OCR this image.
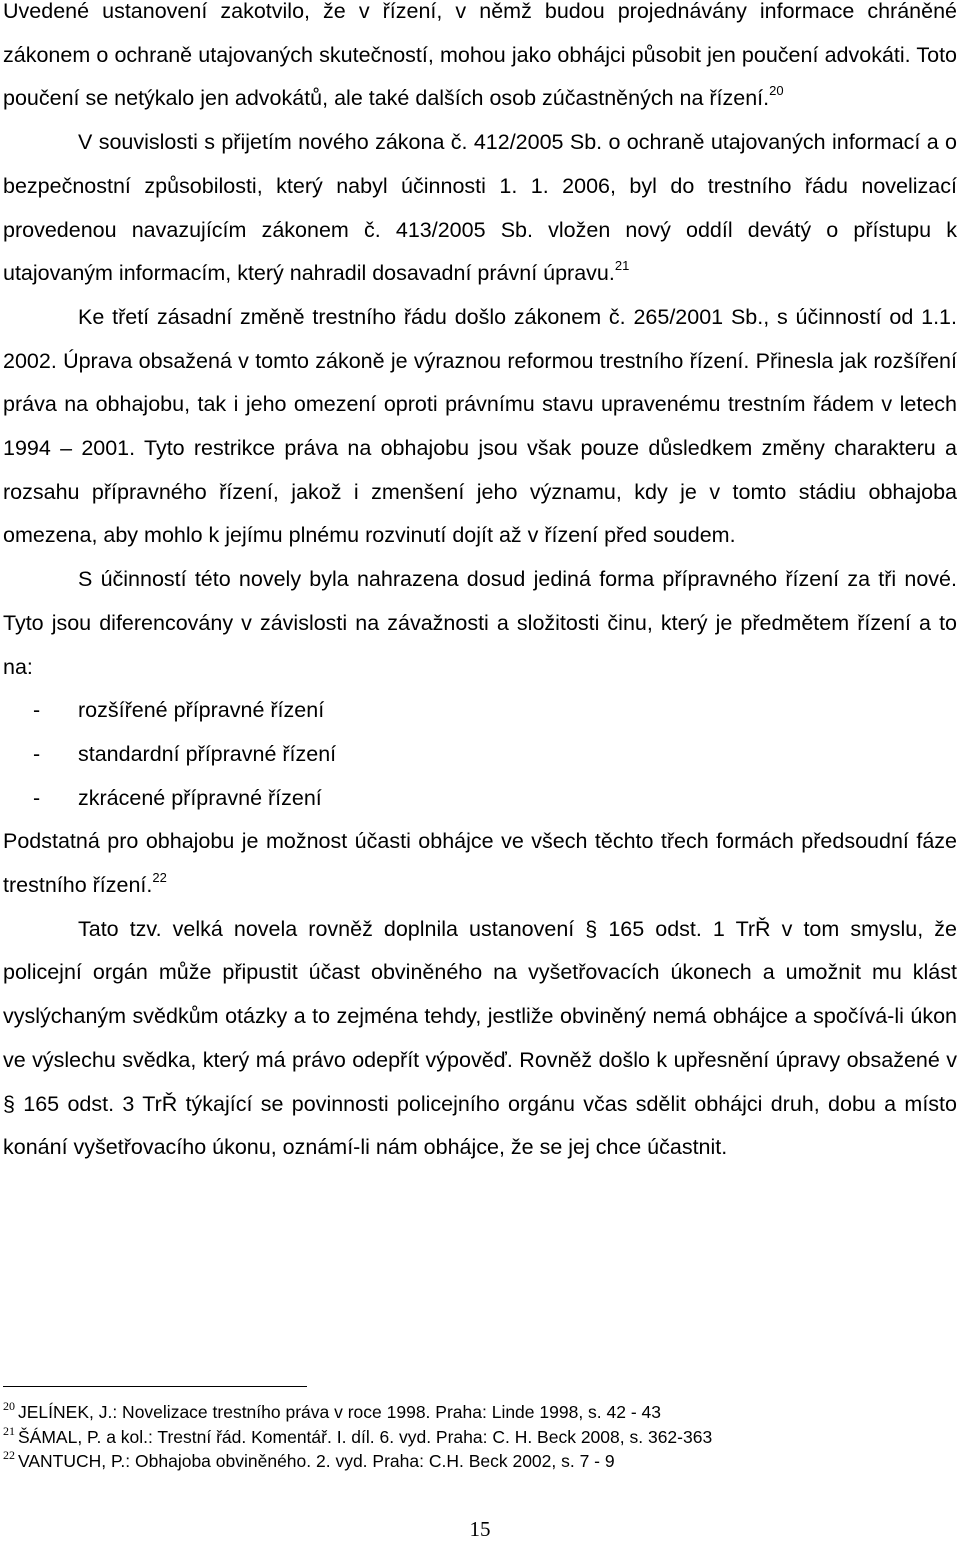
Uvedené ustanovení zakotvilo, že v řízení, v němž budou projednávány informace chráněné zákonem o ochraně utajovaných skutečností, mohou jako obhájci působit jen poučení advokáti. Toto poučení se netýkalo jen advokátů, ale také dalších osob zúčastněných na řízení.$^{20}$

V souvislosti s přijetím nového zákona č. 412/2005 Sb. o ochraně utajovaných informací a o bezpečnostní způsobilosti, který nabyl účinnosti 1. 1. 2006, byl do trestního řádu novelizací provedenou navazujícím zákonem č. 413/2005 Sb. vložen nový oddíl devátý o přístupu k utajovaným informacím, který nahradil dosavadní právní úpravu.$^{21}$

Ke třetí zásadní změně trestního řádu došlo zákonem č. 265/2001 Sb., s účinností od 1.1. 2002. Úprava obsažená v tomto zákoně je výraznou reformou trestního řízení. Přinesla jak rozšíření práva na obhajobu, tak i jeho omezení oproti právnímu stavu upravenému trestním řádem v letech 1994 – 2001. Tyto restrikce práva na obhajobu jsou však pouze důsledkem změny charakteru a rozsahu přípravného řízení, jakož i zmenšení jeho významu, kdy je v tomto stádiu obhajoba omezena, aby mohlo k jejímu plnému rozvinutí dojít až v řízení před soudem.

S účinností této novely byla nahrazena dosud jediná forma přípravného řízení za tři nové. Tyto jsou diferencovány v závislosti na závažnosti a složitosti činu, který je předmětem řízení a to na:

- rozšířené přípravné řízení
- standardní přípravné řízení
- zkrácené přípravné řízení

Podstatná pro obhajobu je možnost účasti obhájce ve všech těchto třech formách předsoudní fáze trestního řízení.$^{22}$

Tato tzv. velká novela rovněž doplnila ustanovení § 165 odst. 1 TrŘ v tom smyslu, že policejní orgán může připustit účast obviněného na vyšetřovacích úkonech a umožnit mu klást vyslýchaným svědkům otázky a to zejména tehdy, jestliže obviněný nemá obhájce a spočívá-li úkon ve výslechu svědka, který má právo odepřít výpověď. Rovněž došlo k upřesnění úpravy obsažené v § 165 odst. 3 TrŘ týkající se povinnosti policejního orgánu včas sdělit obhájci druh, dobu a místo konání vyšetřovacího úkonu, oznámí-li nám obhájce, že se jej chce účastnit.

$^{20}$ JELÍNEK, J.: Novelizace trestního práva v roce 1998. Praha: Linde 1998, s. 42 - 43

$^{21}$ ŠÁMAL, P. a kol.: Trestní řád. Komentář. I. díl. 6. vyd. Praha: C. H. Beck 2008, s. 362-363

$^{22}$ VANTUCH, P.: Obhajoba obviněného. 2. vyd. Praha: C.H. Beck 2002, s. 7 - 9

15
